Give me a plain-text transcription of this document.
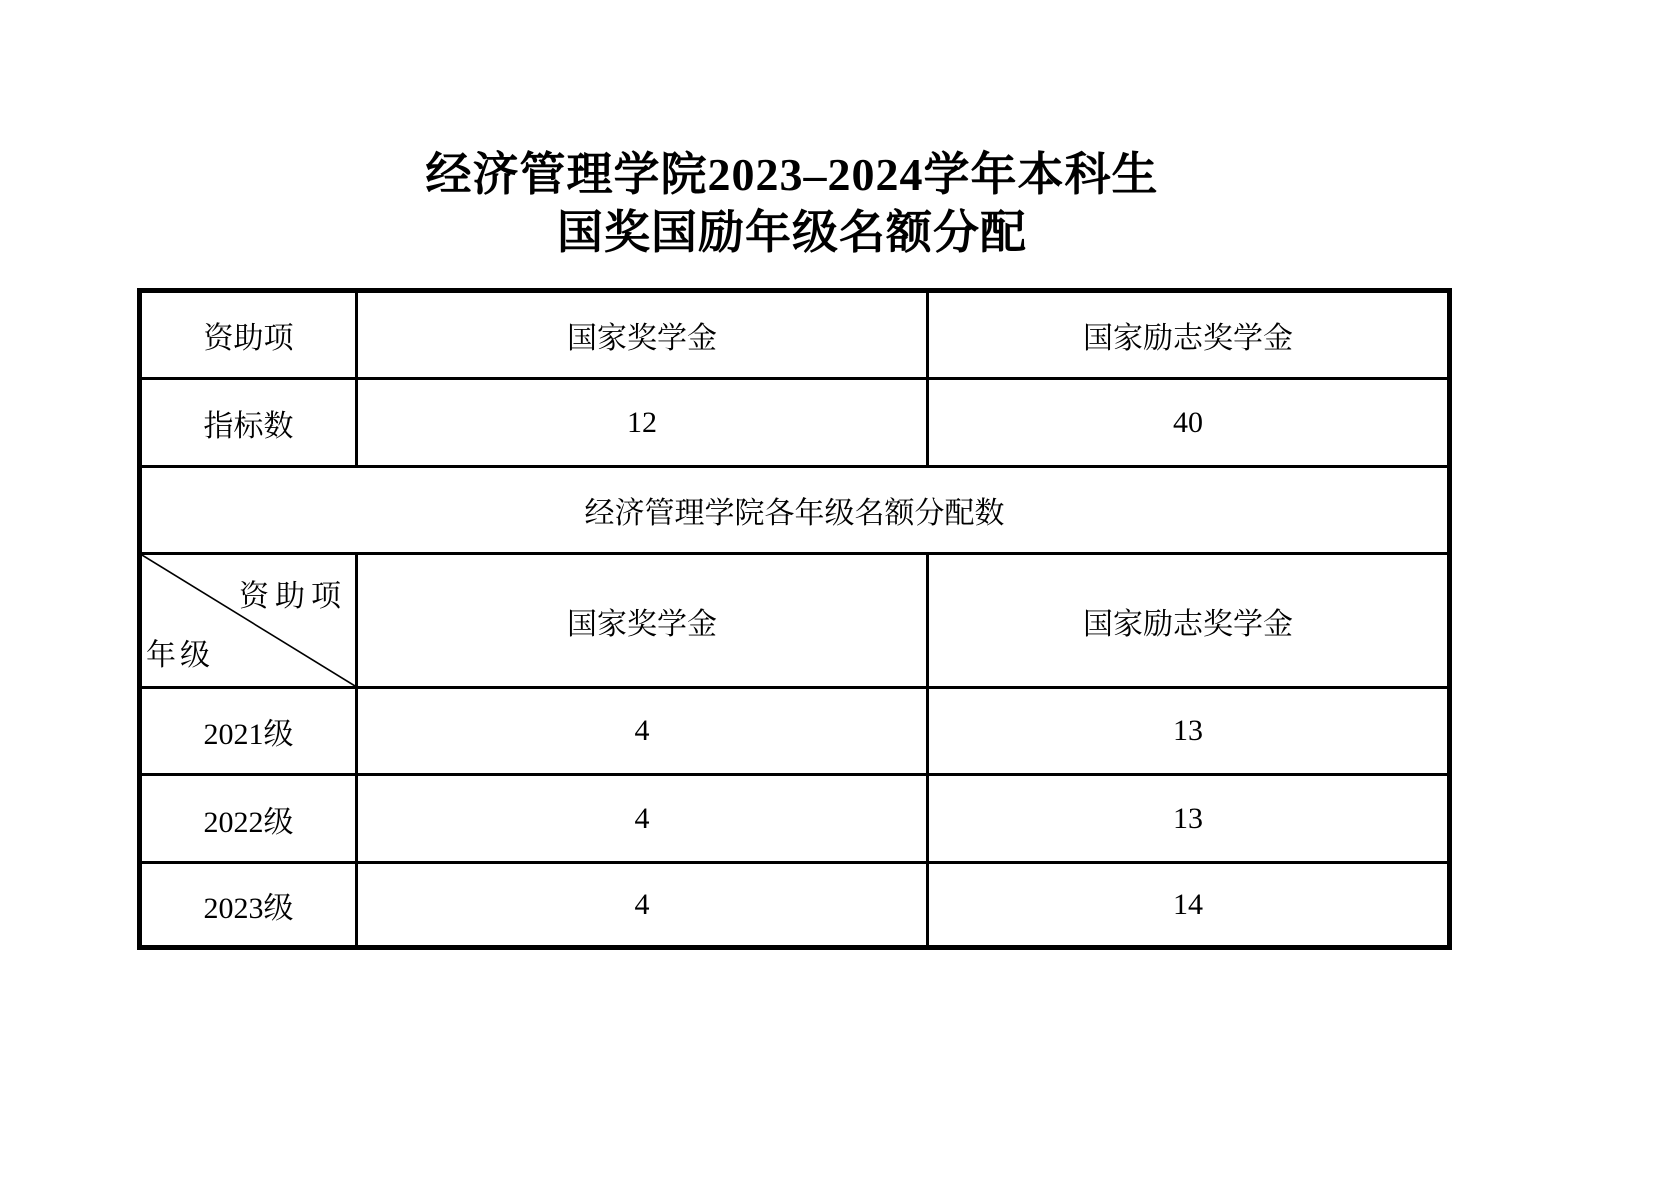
经济管理学院2023–2024学年本科生
国奖国励年级名额分配
资助项	国家奖学金	国家励志奖学金
指标数	12	40
经济管理学院各年级名额分配数		

资助项
年级	国家奖学金	国家励志奖学金
2021级	4	13
2022级	4	13
2023级	4	14
